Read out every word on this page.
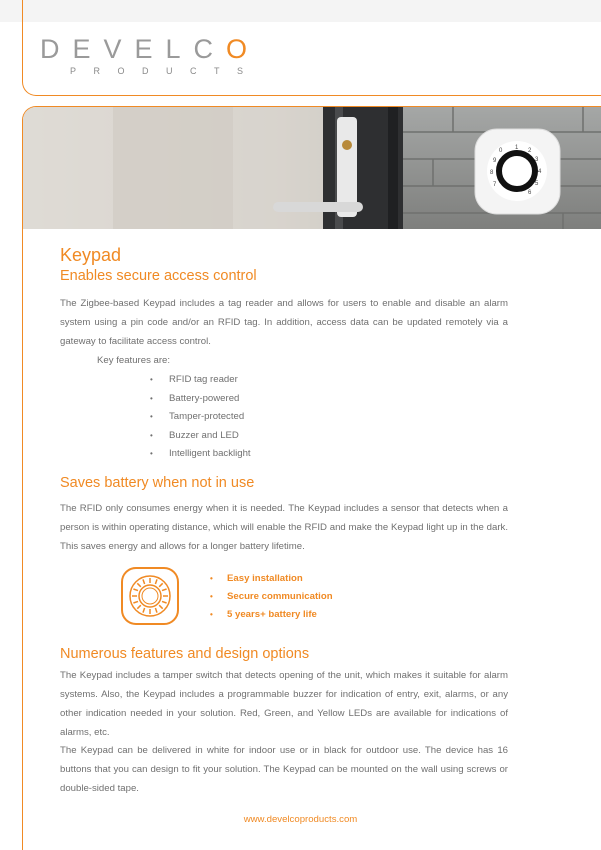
DEVELCO
PRODUCTS
1 2
3
4
5
6
0
9
8
7
Keypad
Enables secure access control

The Zigbee-based Keypad includes a tag reader and allows for users to enable and disable an alarm system using a pin code and/or an RFID tag. In addition, access data can be updated remotely via a gateway to facilitate access control.

Key features are:
• RFID tag reader
• Battery-powered
• Tamper-protected
• Buzzer and LED
• Intelligent backlight
Saves battery when not in use

The RFID only consumes energy when it is needed. The Keypad includes a sensor that detects when a person is within operating distance, which will enable the RFID and make the Keypad light up in the dark. This saves energy and allows for a longer battery lifetime.

• Easy installation
• Secure communication
• 5 years+ battery life
Numerous features and design options

The Keypad includes a tamper switch that detects opening of the unit, which makes it suitable for alarm systems. Also, the Keypad includes a programmable buzzer for indication of entry, exit, alarms, or any other indication needed in your solution. Red, Green, and Yellow LEDs are available for indications of alarms, etc.

The Keypad can be delivered in white for indoor use or in black for outdoor use. The device has 16 buttons that you can design to fit your solution. The Keypad can be mounted on the wall using screws or double-sided tape.

www.develcoproducts.com
